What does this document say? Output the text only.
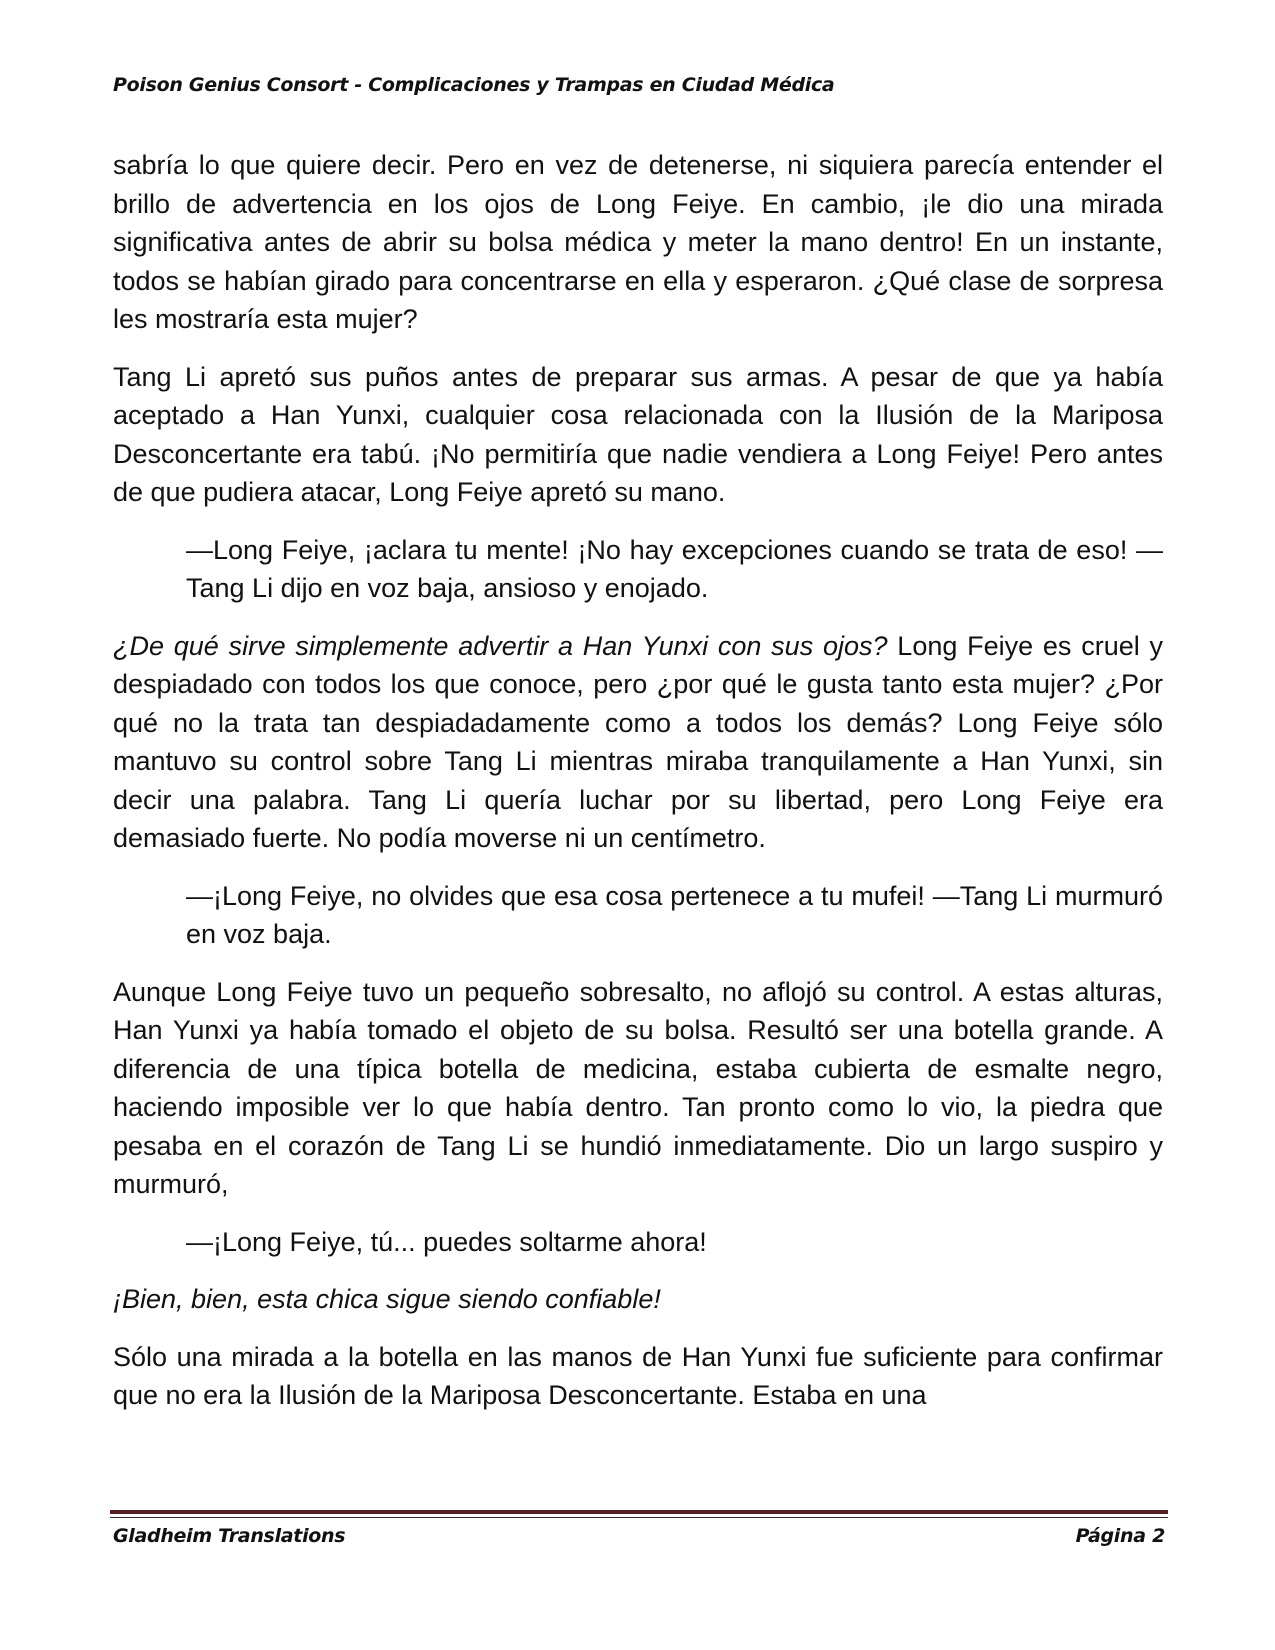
Poison Genius Consort - Complicaciones y Trampas en Ciudad Médica

sabría lo que quiere decir. Pero en vez de detenerse, ni siquiera parecía entender el brillo de advertencia en los ojos de Long Feiye. En cambio, ¡le dio una mirada significativa antes de abrir su bolsa médica y meter la mano dentro! En un instante, todos se habían girado para concentrarse en ella y esperaron. ¿Qué clase de sorpresa les mostraría esta mujer?

Tang Li apretó sus puños antes de preparar sus armas. A pesar de que ya había aceptado a Han Yunxi, cualquier cosa relacionada con la Ilusión de la Mariposa Desconcertante era tabú. ¡No permitiría que nadie vendiera a Long Feiye! Pero antes de que pudiera atacar, Long Feiye apretó su mano.

—Long Feiye, ¡aclara tu mente! ¡No hay excepciones cuando se trata de eso! —Tang Li dijo en voz baja, ansioso y enojado.

¿De qué sirve simplemente advertir a Han Yunxi con sus ojos? Long Feiye es cruel y despiadado con todos los que conoce, pero ¿por qué le gusta tanto esta mujer? ¿Por qué no la trata tan despiadadamente como a todos los demás? Long Feiye sólo mantuvo su control sobre Tang Li mientras miraba tranquilamente a Han Yunxi, sin decir una palabra. Tang Li quería luchar por su libertad, pero Long Feiye era demasiado fuerte. No podía moverse ni un centímetro.

—¡Long Feiye, no olvides que esa cosa pertenece a tu mufei! —Tang Li murmuró en voz baja.

Aunque Long Feiye tuvo un pequeño sobresalto, no aflojó su control. A estas alturas, Han Yunxi ya había tomado el objeto de su bolsa. Resultó ser una botella grande. A diferencia de una típica botella de medicina, estaba cubierta de esmalte negro, haciendo imposible ver lo que había dentro. Tan pronto como lo vio, la piedra que pesaba en el corazón de Tang Li se hundió inmediatamente. Dio un largo suspiro y murmuró,

—¡Long Feiye, tú... puedes soltarme ahora!

¡Bien, bien, esta chica sigue siendo confiable!

Sólo una mirada a la botella en las manos de Han Yunxi fue suficiente para confirmar que no era la Ilusión de la Mariposa Desconcertante. Estaba en una

Gladheim Translations	Página 2
